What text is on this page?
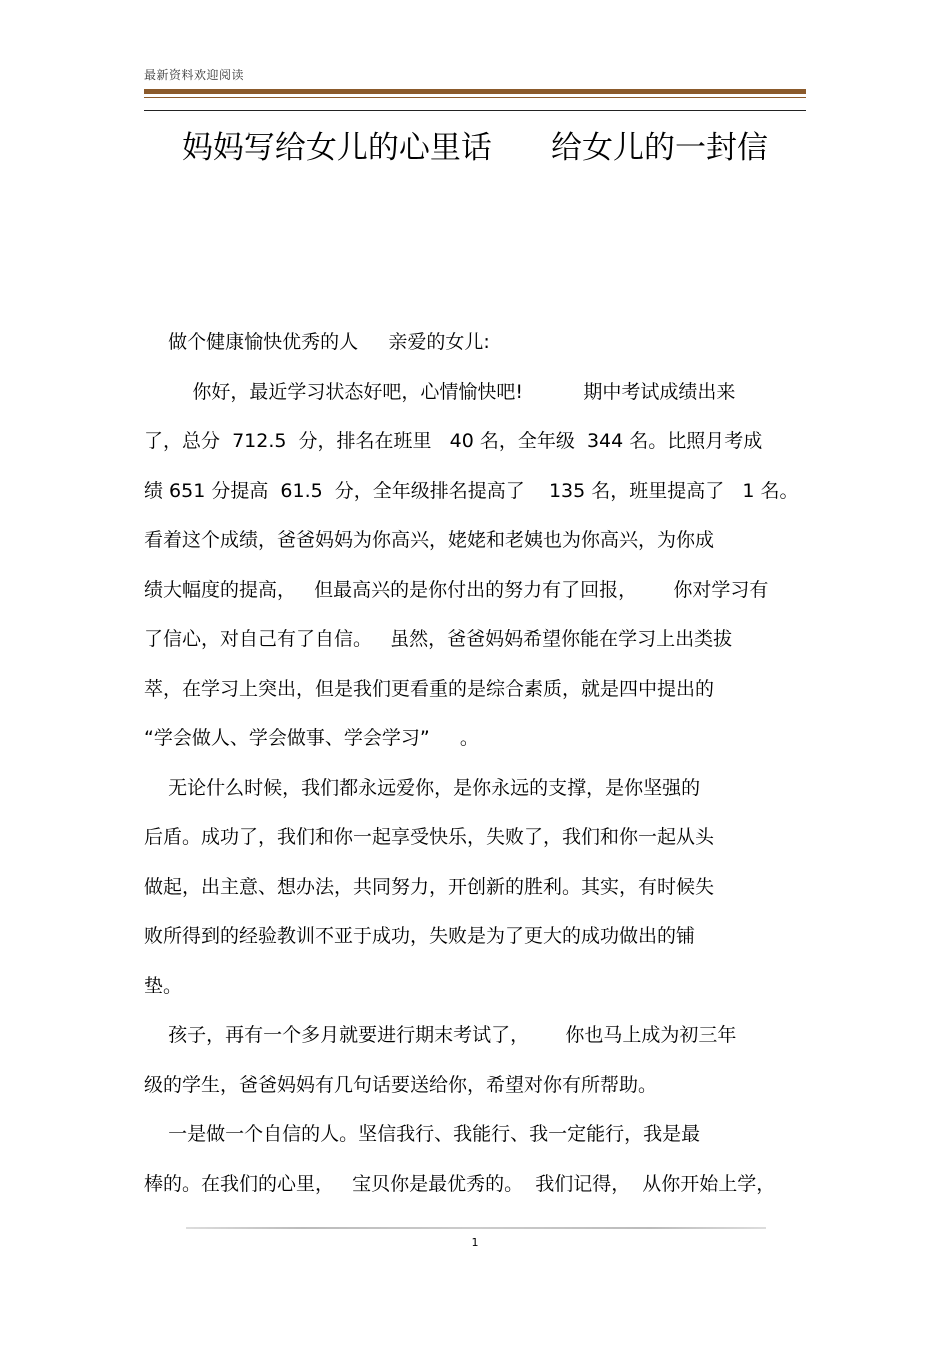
最新资料欢迎阅读
妈妈写给女儿的心里话      给女儿的一封信
做个健康愉快优秀的人     亲爱的女儿:
你好，最近学习状态好吧，心情愉快吧!          期中考试成绩出来
了，总分  712.5  分，排名在班里   40 名，全年级  344 名。比照月考成
绩 651 分提高  61.5  分，全年级排名提高了    135 名，班里提高了   1 名。
看着这个成绩，爸爸妈妈为你高兴，姥姥和老姨也为你高兴，为你成
绩大幅度的提高，   但最高兴的是你付出的努力有了回报，      你对学习有
了信心，对自己有了自信。   虽然，爸爸妈妈希望你能在学习上出类拔
萃，在学习上突出，但是我们更看重的是综合素质，就是四中提出的
“学会做人、学会做事、学会学习”     。
无论什么时候，我们都永远爱你，是你永远的支撑，是你坚强的
后盾。成功了，我们和你一起享受快乐，失败了，我们和你一起从头
做起，出主意、想办法，共同努力，开创新的胜利。其实，有时候失
败所得到的经验教训不亚于成功，失败是为了更大的成功做出的铺
垫。
孩子，再有一个多月就要进行期末考试了，      你也马上成为初三年
级的学生，爸爸妈妈有几句话要送给你，希望对你有所帮助。
一是做一个自信的人。坚信我行、我能行、我一定能行，我是最
棒的。在我们的心里，   宝贝你是最优秀的。  我们记得，  从你开始上学，
1
